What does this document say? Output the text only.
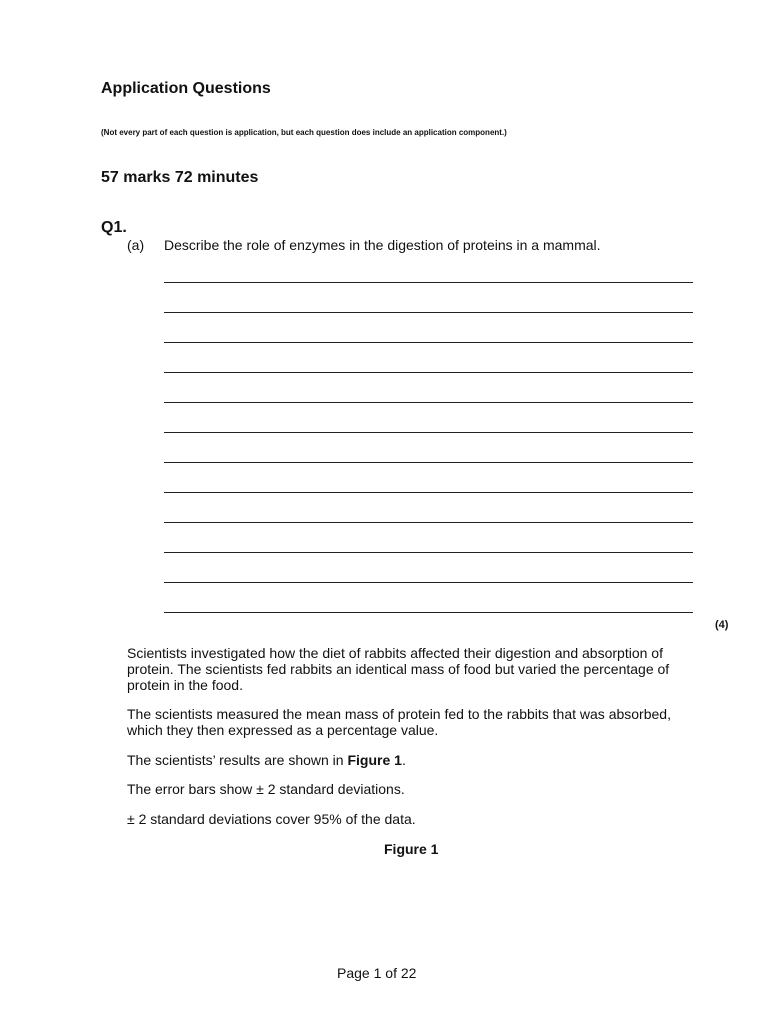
Application Questions
(Not every part of each question is application, but each question does include an application component.)
57 marks 72 minutes
Q1.
(a) Describe the role of enzymes in the digestion of proteins in a mammal.
(4)
Scientists investigated how the diet of rabbits affected their digestion and absorption of protein. The scientists fed rabbits an identical mass of food but varied the percentage of protein in the food.
The scientists measured the mean mass of protein fed to the rabbits that was absorbed, which they then expressed as a percentage value.
The scientists’ results are shown in Figure 1.
The error bars show ± 2 standard deviations.
± 2 standard deviations cover 95% of the data.
Figure 1
Page 1 of 22
